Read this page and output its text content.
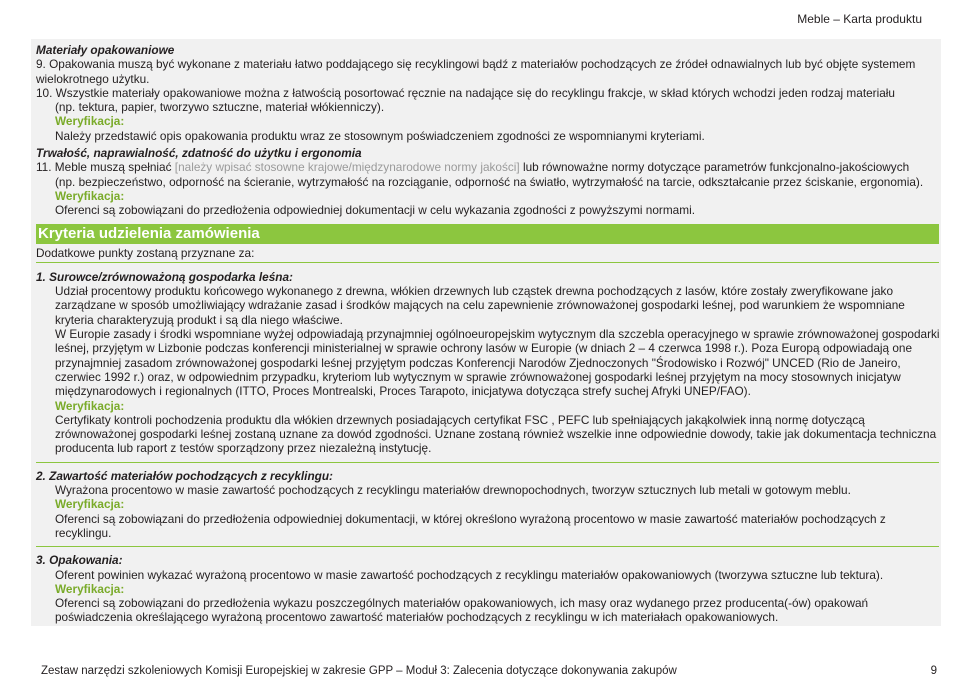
Meble – Karta produktu

Materiały opakowaniowe

9. Opakowania muszą być wykonane z materiału łatwo poddającego się recyklingowi bądź z materiałów pochodzących ze źródeł odnawialnych lub być objęte systemem wielokrotnego użytku.

10. Wszystkie materiały opakowaniowe można z łatwością posortować ręcznie na nadające się do recyklingu frakcje, w skład których wchodzi jeden rodzaj materiału

(np. tektura, papier, tworzywo sztuczne, materiał włókienniczy).

Weryfikacja:

Należy przedstawić opis opakowania produktu wraz ze stosownym poświadczeniem zgodności ze wspomnianymi kryteriami.

Trwałość, naprawialność, zdatność do użytku i ergonomia

11. Meble muszą spełniać [należy wpisać stosowne krajowe/międzynarodowe normy jakości] lub równoważne normy dotyczące parametrów funkcjonalno-jakościowych

(np. bezpieczeństwo, odporność na ścieranie, wytrzymałość na rozciąganie, odporność na światło, wytrzymałość na tarcie, odkształcanie przez ściskanie, ergonomia).

Weryfikacja:

Oferenci są zobowiązani do przedłożenia odpowiedniej dokumentacji w celu wykazania zgodności z powyższymi normami.

Kryteria udzielenia zamówienia
Dodatkowe punkty zostaną przyznane za:

1. Surowce/zrównoważoną gospodarka leśna:

Udział procentowy produktu końcowego wykonanego z drewna, włókien drzewnych lub cząstek drewna pochodzących z lasów, które zostały zweryfikowane jako zarządzane w sposób umożliwiający wdrażanie zasad i środków mających na celu zapewnienie zrównoważonej gospodarki leśnej, pod warunkiem że wspomniane kryteria charakteryzują produkt i są dla niego właściwe.

W Europie zasady i środki wspomniane wyżej odpowiadają przynajmniej ogólnoeuropejskim wytycznym dla szczebla operacyjnego w sprawie zrównoważonej gospodarki leśnej, przyjętym w Lizbonie podczas konferencji ministerialnej w sprawie ochrony lasów w Europie (w dniach 2 – 4 czerwca 1998 r.). Poza Europą odpowiadają one przynajmniej zasadom zrównoważonej gospodarki leśnej przyjętym podczas Konferencji Narodów Zjednoczonych "Środowisko i Rozwój" UNCED (Rio de Janeiro, czerwiec 1992 r.) oraz, w odpowiednim przypadku, kryteriom lub wytycznym w sprawie zrównoważonej gospodarki leśnej przyjętym na mocy stosownych inicjatyw międzynarodowych i regionalnych (ITTO, Proces Montrealski, Proces Tarapoto, inicjatywa dotycząca strefy suchej Afryki UNEP/FAO).

Weryfikacja:

Certyfikaty kontroli pochodzenia produktu dla włókien drzewnych posiadających certyfikat FSC , PEFC lub spełniających jakąkolwiek inną normę dotyczącą zrównoważonej gospodarki leśnej zostaną uznane za dowód zgodności. Uznane zostaną również wszelkie inne odpowiednie dowody, takie jak dokumentacja techniczna producenta lub raport z testów sporządzony przez niezależną instytucję.

2. Zawartość materiałów pochodzących z recyklingu:

Wyrażona procentowo w masie zawartość pochodzących z recyklingu materiałów drewnopochodnych, tworzyw sztucznych lub metali w gotowym meblu.

Weryfikacja:

Oferenci są zobowiązani do przedłożenia odpowiedniej dokumentacji, w której określono wyrażoną procentowo w masie zawartość materiałów pochodzących z recyklingu.

3. Opakowania:

Oferent powinien wykazać wyrażoną procentowo w masie zawartość pochodzących z recyklingu materiałów opakowaniowych (tworzywa sztuczne lub tektura).

Weryfikacja:

Oferenci są zobowiązani do przedłożenia wykazu poszczególnych materiałów opakowaniowych, ich masy oraz wydanego przez producenta(-ów) opakowań poświadczenia określającego wyrażoną procentowo zawartość materiałów pochodzących z recyklingu w ich materiałach opakowaniowych.

Zestaw narzędzi szkoleniowych Komisji Europejskiej w zakresie GPP – Moduł 3: Zalecenia dotyczące dokonywania zakupów	9
